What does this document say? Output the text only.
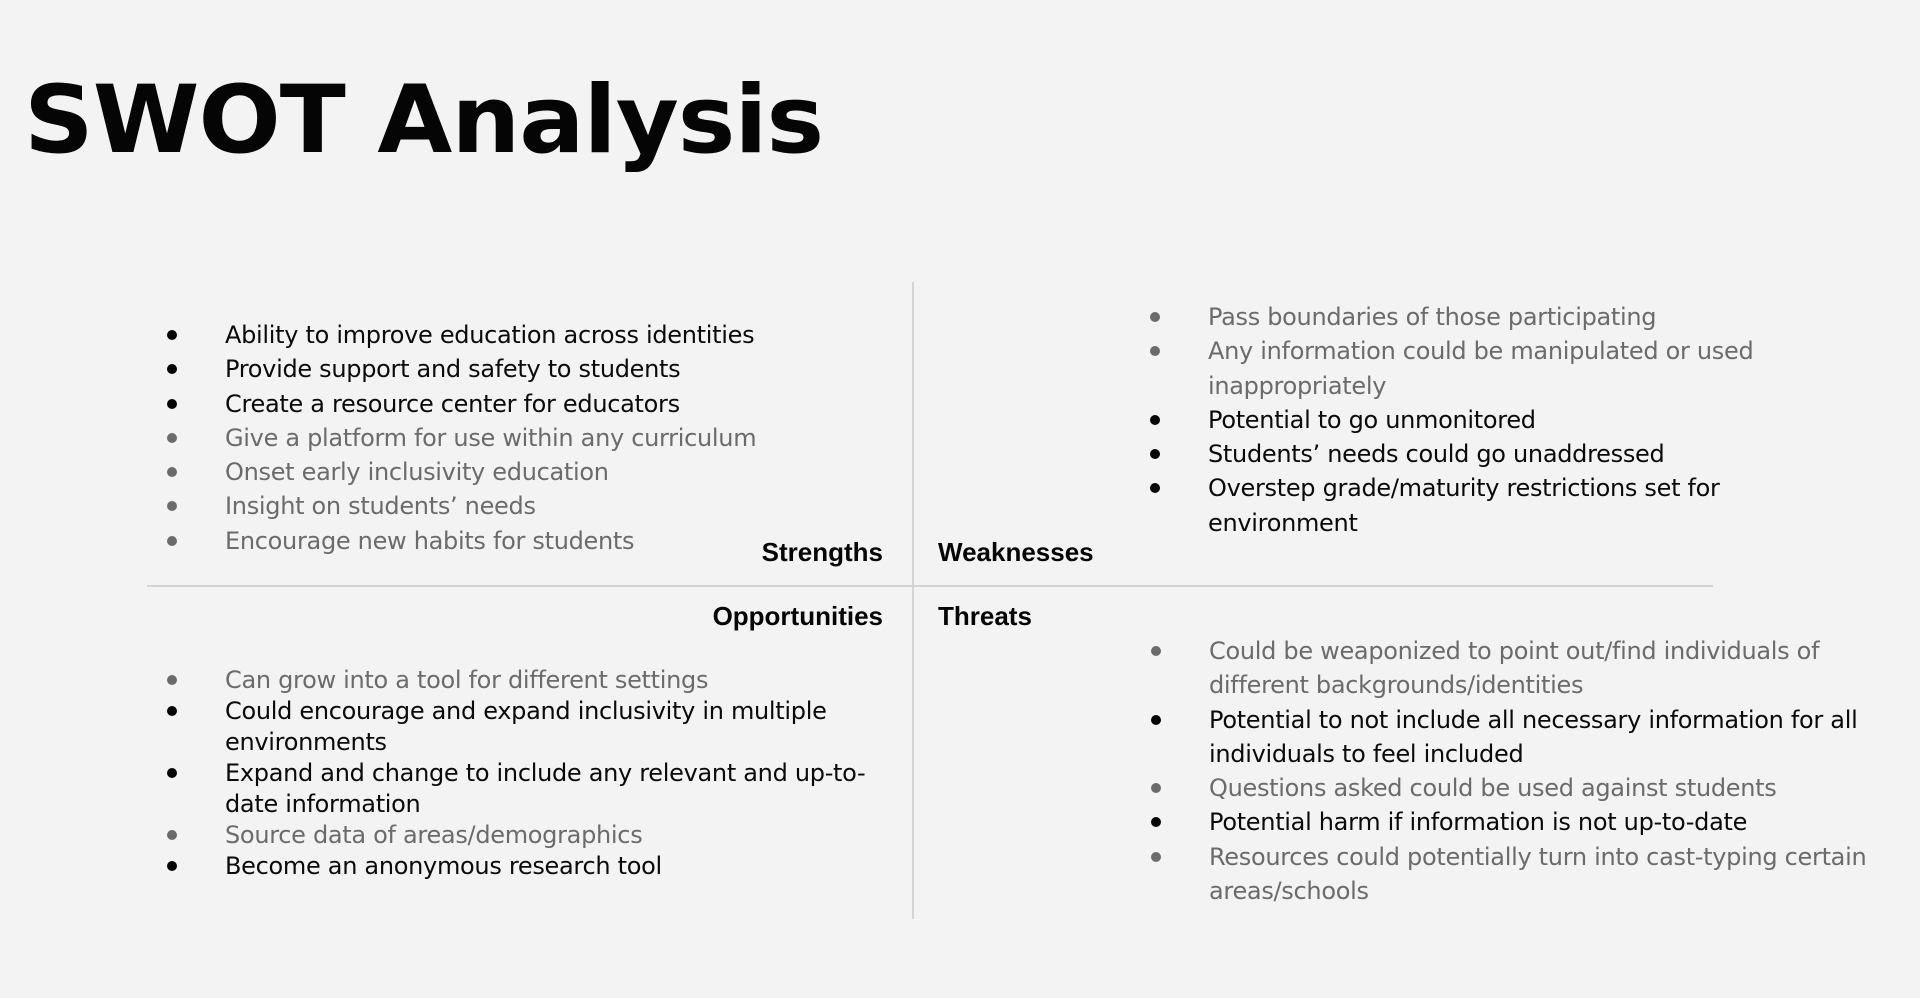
SWOT Analysis
Strengths Weaknesses
Opportunities Threats
Ability to improve education across identities
Provide support and safety to students
Create a resource center for educators
Give a platform for use within any curriculum
Onset early inclusivity education
Insight on students’ needs
Encourage new habits for students
Pass boundaries of those participating
Any information could be manipulated or used inappropriately
Potential to go unmonitored
Students’ needs could go unaddressed
Overstep grade/maturity restrictions set for environment
Can grow into a tool for different settings
Could encourage and expand inclusivity in multiple environments
Expand and change to include any relevant and up-to-date information
Source data of areas/demographics
Become an anonymous research tool
Could be weaponized to point out/find individuals of different backgrounds/identities
Potential to not include all necessary information for all individuals to feel included
Questions asked could be used against students
Potential harm if information is not up-to-date
Resources could potentially turn into cast-typing certain areas/schools
